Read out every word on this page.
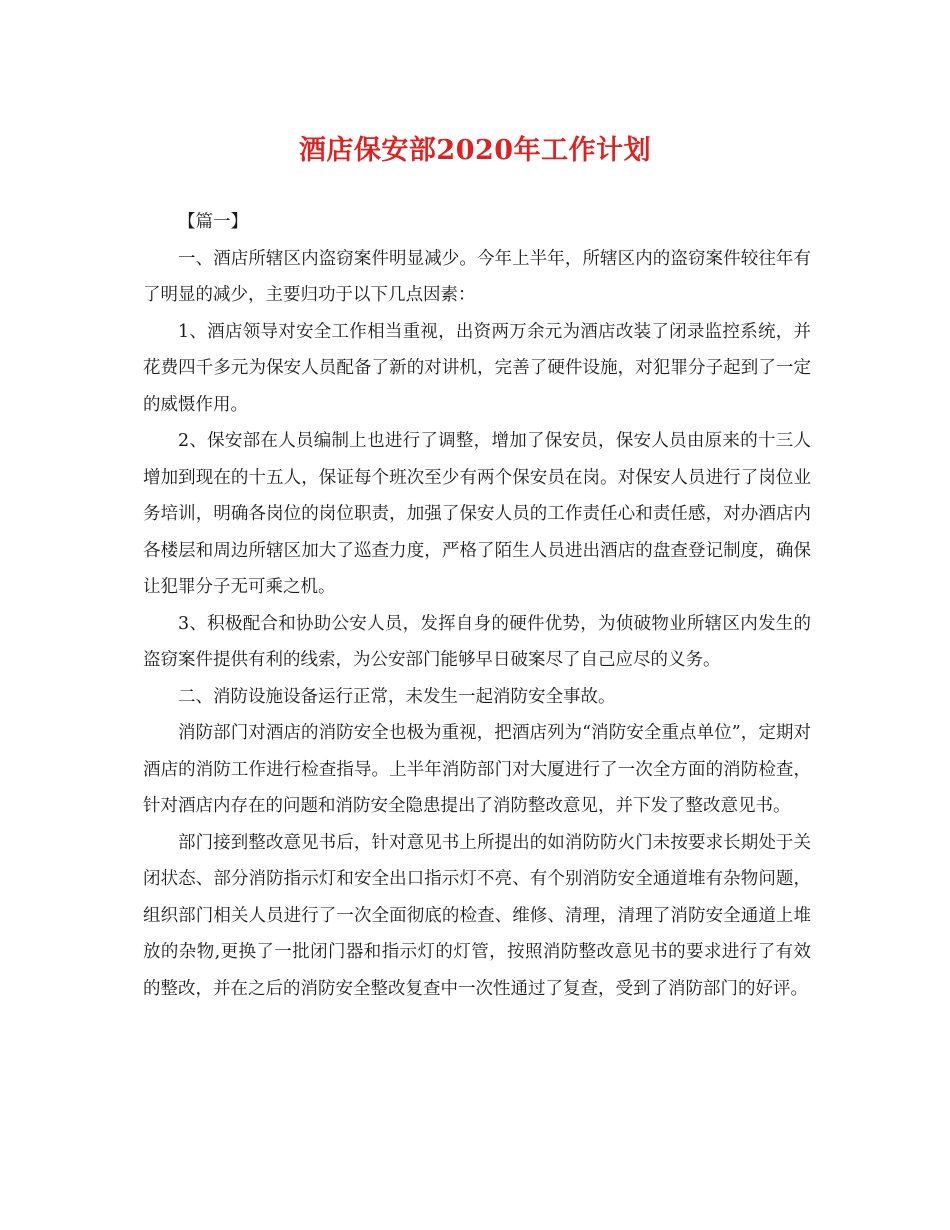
酒店保安部2020年工作计划

【篇一】

一、酒店所辖区内盗窃案件明显减少。今年上半年，所辖区内的盗窃案件较往年有了明显的减少，主要归功于以下几点因素：

1、酒店领导对安全工作相当重视，出资两万余元为酒店改装了闭录监控系统，并花费四千多元为保安人员配备了新的对讲机，完善了硬件设施，对犯罪分子起到了一定的威慑作用。

2、保安部在人员编制上也进行了调整，增加了保安员，保安人员由原来的十三人增加到现在的十五人，保证每个班次至少有两个保安员在岗。对保安人员进行了岗位业务培训，明确各岗位的岗位职责，加强了保安人员的工作责任心和责任感，对办酒店内各楼层和周边所辖区加大了巡查力度，严格了陌生人员进出酒店的盘查登记制度，确保让犯罪分子无可乘之机。

3、积极配合和协助公安人员，发挥自身的硬件优势，为侦破物业所辖区内发生的盗窃案件提供有利的线索，为公安部门能够早日破案尽了自己应尽的义务。

二、消防设施设备运行正常，未发生一起消防安全事故。

消防部门对酒店的消防安全也极为重视，把酒店列为“消防安全重点单位”，定期对酒店的消防工作进行检查指导。上半年消防部门对大厦进行了一次全方面的消防检查，针对酒店内存在的问题和消防安全隐患提出了消防整改意见，并下发了整改意见书。

部门接到整改意见书后，针对意见书上所提出的如消防防火门未按要求长期处于关闭状态、部分消防指示灯和安全出口指示灯不亮、有个别消防安全通道堆有杂物问题，组织部门相关人员进行了一次全面彻底的检查、维修、清理，清理了消防安全通道上堆放的杂物,更换了一批闭门器和指示灯的灯管，按照消防整改意见书的要求进行了有效的整改，并在之后的消防安全整改复查中一次性通过了复查，受到了消防部门的好评。
